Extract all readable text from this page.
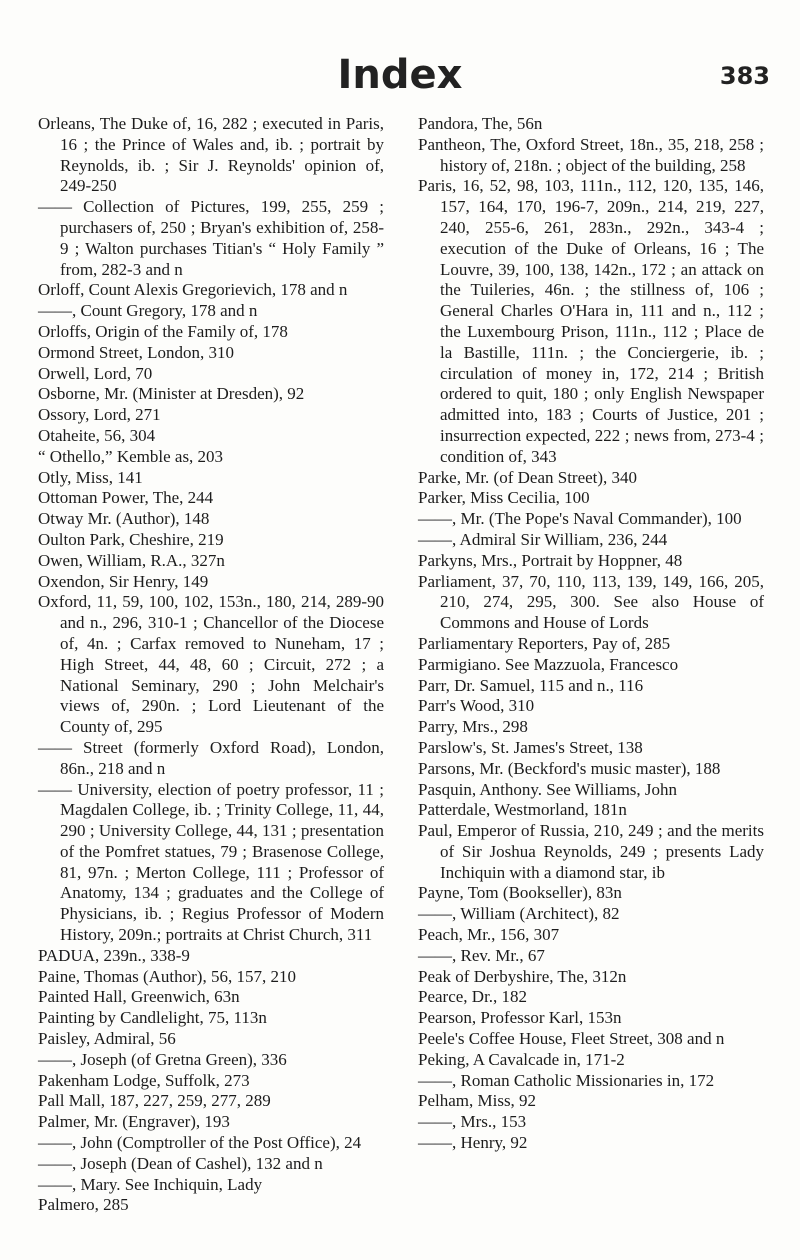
Index	383

Orleans, The Duke of, 16, 282 ; executed in Paris, 16 ; the Prince of Wales and, ib. ; portrait by Reynolds, ib. ; Sir J. Reynolds' opinion of, 249-250

—— Collection of Pictures, 199, 255, 259 ; purchasers of, 250 ; Bryan's exhibition of, 258-9 ; Walton purchases Titian's “ Holy Family ” from, 282-3 and n

Orloff, Count Alexis Gregorievich, 178 and n

——, Count Gregory, 178 and n

Orloffs, Origin of the Family of, 178

Ormond Street, London, 310

Orwell, Lord, 70

Osborne, Mr. (Minister at Dresden), 92

Ossory, Lord, 271

Otaheite, 56, 304

“ Othello,” Kemble as, 203

Otly, Miss, 141

Ottoman Power, The, 244

Otway Mr. (Author), 148

Oulton Park, Cheshire, 219

Owen, William, R.A., 327n

Oxendon, Sir Henry, 149

Oxford, 11, 59, 100, 102, 153n., 180, 214, 289-90 and n., 296, 310-1 ; Chancellor of the Diocese of, 4n. ; Carfax removed to Nuneham, 17 ; High Street, 44, 48, 60 ; Circuit, 272 ; a National Seminary, 290 ; John Melchair's views of, 290n. ; Lord Lieutenant of the County of, 295

—— Street (formerly Oxford Road), London, 86n., 218 and n

—— University, election of poetry professor, 11 ; Magdalen College, ib. ; Trinity College, 11, 44, 290 ; University College, 44, 131 ; presentation of the Pomfret statues, 79 ; Brasenose College, 81, 97n. ; Merton College, 111 ; Professor of Anatomy, 134 ; graduates and the College of Physicians, ib. ; Regius Professor of Modern History, 209n.; portraits at Christ Church, 311

PADUA, 239n., 338-9

Paine, Thomas (Author), 56, 157, 210

Painted Hall, Greenwich, 63n

Painting by Candlelight, 75, 113n

Paisley, Admiral, 56

——, Joseph (of Gretna Green), 336

Pakenham Lodge, Suffolk, 273

Pall Mall, 187, 227, 259, 277, 289

Palmer, Mr. (Engraver), 193

——, John (Comptroller of the Post Office), 24

——, Joseph (Dean of Cashel), 132 and n

——, Mary. See Inchiquin, Lady

Palmero, 285

Pandora, The, 56n

Pantheon, The, Oxford Street, 18n., 35, 218, 258 ; history of, 218n. ; object of the building, 258

Paris, 16, 52, 98, 103, 111n., 112, 120, 135, 146, 157, 164, 170, 196-7, 209n., 214, 219, 227, 240, 255-6, 261, 283n., 292n., 343-4 ; execution of the Duke of Orleans, 16 ; The Louvre, 39, 100, 138, 142n., 172 ; an attack on the Tuileries, 46n. ; the stillness of, 106 ; General Charles O'Hara in, 111 and n., 112 ; the Luxembourg Prison, 111n., 112 ; Place de la Bastille, 111n. ; the Conciergerie, ib. ; circulation of money in, 172, 214 ; British ordered to quit, 180 ; only English Newspaper admitted into, 183 ; Courts of Justice, 201 ; insurrection expected, 222 ; news from, 273-4 ; condition of, 343

Parke, Mr. (of Dean Street), 340

Parker, Miss Cecilia, 100

——, Mr. (The Pope's Naval Commander), 100

——, Admiral Sir William, 236, 244

Parkyns, Mrs., Portrait by Hoppner, 48

Parliament, 37, 70, 110, 113, 139, 149, 166, 205, 210, 274, 295, 300. See also House of Commons and House of Lords

Parliamentary Reporters, Pay of, 285

Parmigiano. See Mazzuola, Francesco

Parr, Dr. Samuel, 115 and n., 116

Parr's Wood, 310

Parry, Mrs., 298

Parslow's, St. James's Street, 138

Parsons, Mr. (Beckford's music master), 188

Pasquin, Anthony. See Williams, John

Patterdale, Westmorland, 181n

Paul, Emperor of Russia, 210, 249 ; and the merits of Sir Joshua Reynolds, 249 ; presents Lady Inchiquin with a diamond star, ib

Payne, Tom (Bookseller), 83n

——, William (Architect), 82

Peach, Mr., 156, 307

——, Rev. Mr., 67

Peak of Derbyshire, The, 312n

Pearce, Dr., 182

Pearson, Professor Karl, 153n

Peele's Coffee House, Fleet Street, 308 and n

Peking, A Cavalcade in, 171-2

——, Roman Catholic Missionaries in, 172

Pelham, Miss, 92

——, Mrs., 153

——, Henry, 92
